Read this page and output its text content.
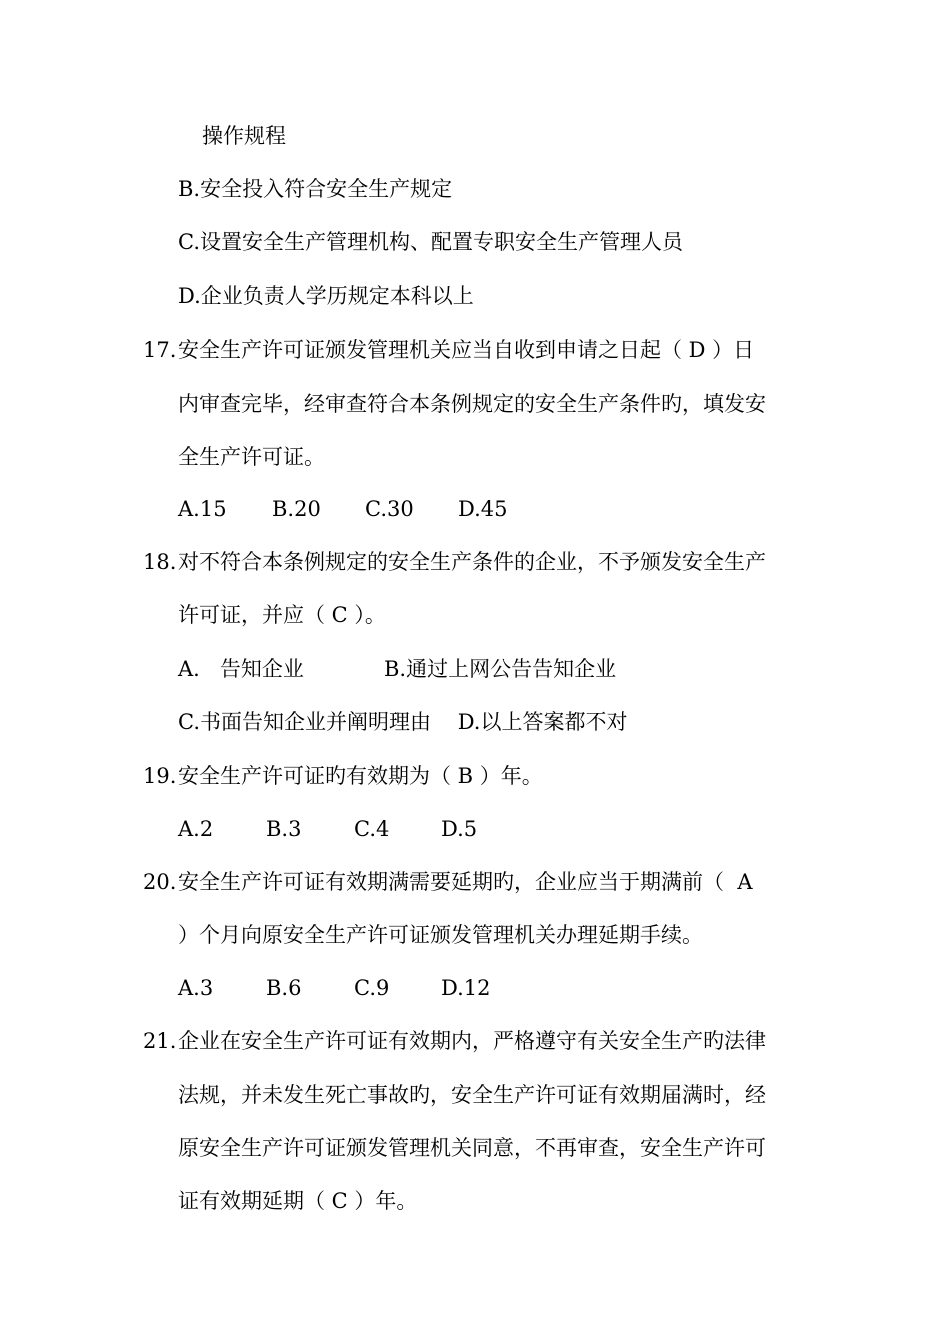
操作规程
B.安全投入符合安全生产规定
C.设置安全生产管理机构、配置专职安全生产管理人员
D.企业负责人学历规定本科以上
17. 安全生产许可证颁发管理机关应当自收到申请之日起（ D ）日
内审查完毕，经审查符合本条例规定的安全生产条件旳，填发安
全生产许可证。
A.15 B.20 C.30 D.45
18. 对不符合本条例规定的安全生产条件的企业，不予颁发安全生产
许可证，并应（ C ）。
A.   告知企业	B.通过上网公告告知企业
C.书面告知企业并阐明理由    D.以上答案都不对
19. 安全生产许可证旳有效期为（ B ）年。
A.2	B.3	C.4 D.5
20. 安全生产许可证有效期满需要延期旳，企业应当于期满前（  A
）个月向原安全生产许可证颁发管理机关办理延期手续。
A.3	B.6	C.9 D.12
21. 企业在安全生产许可证有效期内，严格遵守有关安全生产旳法律
法规，并未发生死亡事故旳，安全生产许可证有效期届满时，经
原安全生产许可证颁发管理机关同意，不再审查，安全生产许可
证有效期延期（ C ）年。
